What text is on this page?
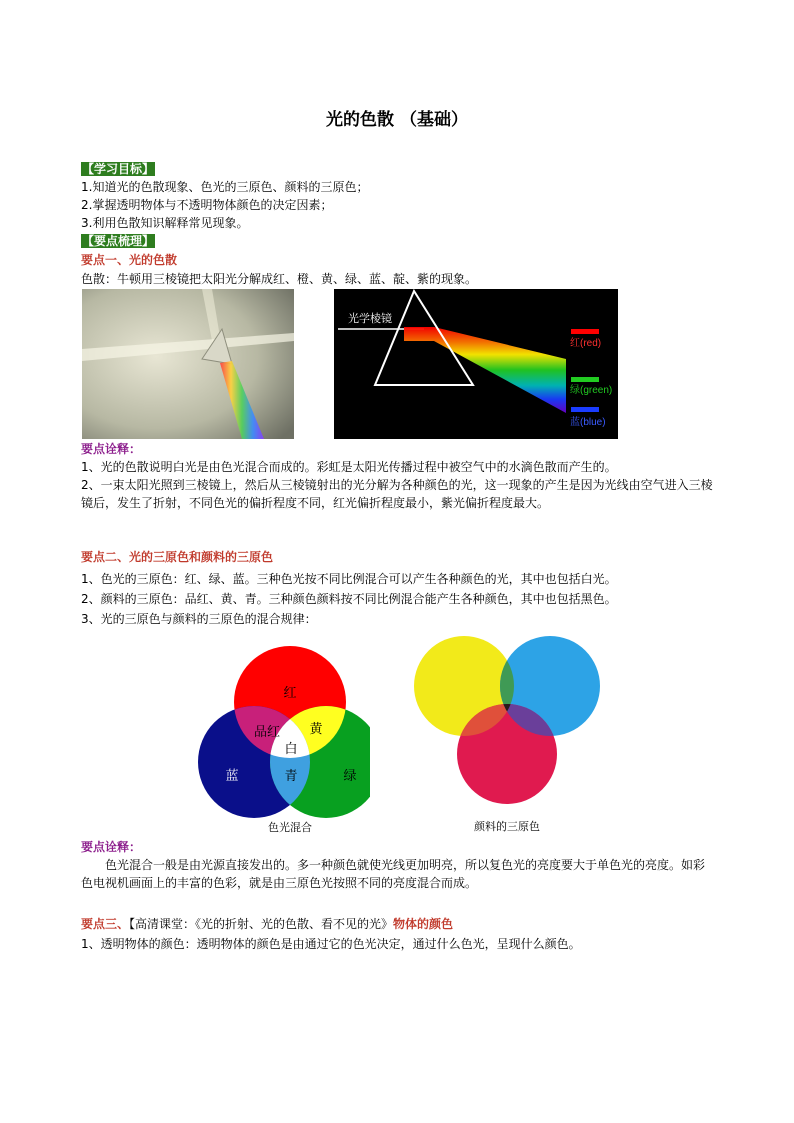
光的色散 （基础）
【学习目标】
1.知道光的色散现象、色光的三原色、颜料的三原色；
2.掌握透明物体与不透明物体颜色的决定因素；
3.利用色散知识解释常见现象。
【要点梳理】
要点一、光的色散
色散：牛顿用三棱镜把太阳光分解成红、橙、黄、绿、蓝、靛、紫的现象。
光学棱镜
红(red)
绿(green)
蓝(blue)
要点诠释：
1、光的色散说明白光是由色光混合而成的。彩虹是太阳光传播过程中被空气中的水滴色散而产生的。
2、一束太阳光照到三棱镜上，然后从三棱镜射出的光分解为各种颜色的光，这一现象的产生是因为光线由空气进入三棱镜后，发生了折射，不同色光的偏折程度不同，红光偏折程度最小，紫光偏折程度最大。
要点二、光的三原色和颜料的三原色
1、色光的三原色：红、绿、蓝。三种色光按不同比例混合可以产生各种颜色的光，其中也包括白光。
2、颜料的三原色：品红、黄、青。三种颜色颜料按不同比例混合能产生各种颜色，其中也包括黑色。
3、光的三原色与颜料的三原色的混合规律：
红
品红 黄
白
蓝	青	绿
色光混合	颜料的三原色
要点诠释：
色光混合一般是由光源直接发出的。多一种颜色就使光线更加明亮，所以复色光的亮度要大于单色光的亮度。如彩色电视机画面上的丰富的色彩，就是由三原色光按照不同的亮度混合而成。
要点三、【高清课堂：《光的折射、光的色散、看不见的光》物体的颜色
1、透明物体的颜色：透明物体的颜色是由通过它的色光决定，通过什么色光，呈现什么颜色。
